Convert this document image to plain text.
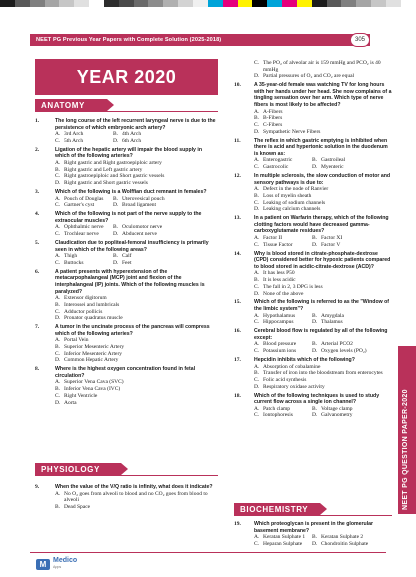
NEET PG Previous Year Papers with Complete Solution (2025-2018)	305
YEAR 2020
ANATOMY
1.	The long course of the left recurrent laryngeal nerve is due to the persistence of which embryonic arch artery?
A. 3rd Arch	B. 4th Arch
C. 5th Arch	D. 6th Arch
2.	Ligation of the hepatic artery will impair the blood supply in which of the following arteries?
A. Right gastric and Right gastroepiploic artery
B. Right gastric and Left gastric artery
C. Right gastroepiploic and Short gastric vessels
D. Right gastric and Short gastric vessels
3.	Which of the following is a Wolffian duct remnant in females?
A. Pouch of Douglas B. Uterovesical pouch
C. Gartner's cyst	D. Broad ligament
4.	Which of the following is not part of the nerve supply to the extraocular muscles?
A. Ophthalmic nerve B. Oculomotor nerve
C. Trochlear nerve	D. Abducent nerve
5.	Claudication due to popliteal-femoral insufficiency is primarily seen in which of the following areas?
A. Thigh	B. Calf
C. Buttocks	D. Feet
6.	A patient presents with hyperextension of the metacarpophalangeal (MCP) joint and flexion of the interphalangeal (IP) joints. Which of the following muscles is paralyzed?
A. Extensor digitorum
B. Interossei and lumbricals
C. Adductor pollicis
D. Pronator quadratus muscle
7.	A tumor in the uncinate process of the pancreas will compress which of the following arteries?
A. Portal Vein
B. Superior Mesenteric Artery
C. Inferior Mesenteric Artery
D. Common Hepatic Artery
8.	Where is the highest oxygen concentration found in fetal circulation?
A. Superior Vena Cava (SVC)
B. Inferior Vena Cava (IVC)
C. Right Ventricle
D. Aorta
PHYSIOLOGY
9.	When the value of the V/Q ratio is infinity, what does it indicate?
A. No O₂ goes from alveoli to blood and no CO₂ goes from blood to alveoli
B. Dead Space
C. The PO₂ of alveolar air is 159 mmHg and PCO₂ is 40 mmHg
D. Partial pressures of O₂ and CO₂ are equal
10.	A 35-year-old female was watching TV for long hours with her hands under her head. She now complains of a tingling sensation over her arm. Which type of nerve fibers is most likely to be affected?
A. A-Fibers
B. B-Fibers
C. C-Fibers
D. Sympathetic Nerve Fibers
11.	The reflex in which gastric emptying is inhibited when there is acid and hypertonic solution in the duodenum is known as:
A. Enterogastric	B. Gastroileal
C. Gastrocolic	D. Myenteric
12.	In multiple sclerosis, the slow conduction of motor and sensory pathways is due to:
A. Defect in the node of Ranvier
B. Loss of myelin sheath
C. Leaking of sodium channels
D. Leaking calcium channels
13.	In a patient on Warfarin therapy, which of the following clotting factors would have decreased gamma-carboxyglutamate residues?
A. Factor II	B. Factor XI
C. Tissue Factor	D. Factor V
14.	Why is blood stored in citrate-phosphate-dextrose (CPD) considered better for hypoxic patients compared to blood stored in acidic-citrate-dextrose (ACD)?
A. It has less P50
B. It is less acidic
C. The fall in 2, 3 DPG is less
D. None of the above
15.	Which of the following is referred to as the "Window of the limbic system"?
A. Hypothalamus	B. Amygdala
C. Hippocampus	D. Thalamus
16.	Cerebral blood flow is regulated by all of the following except:
A. Blood pressure	B. Arterial PCO2
C. Potassium ions	D. Oxygen levels (PO₂)
17.	Hepcidin inhibits which of the following?
A. Absorption of cobalamine
B. Transfer of iron into the bloodstream from enterocytes
C. Folic acid synthesis
D. Respiratory oxidase activity
18.	Which of the following techniques is used to study current flow across a single ion channel?
A. Patch clamp	B. Voltage clamp
C. Iontophoresis	D. Galvanometry
BIOCHEMISTRY
19.	Which proteoglycan is present in the glomerular basement membrane?
A. Keratan Sulphate 1 B. Keratan Sulphate 2
C. Heparan Sulphate D. Chondroitin Sulphate
NEET PG QUESTION PAPER-2020
M Medico
Apps
